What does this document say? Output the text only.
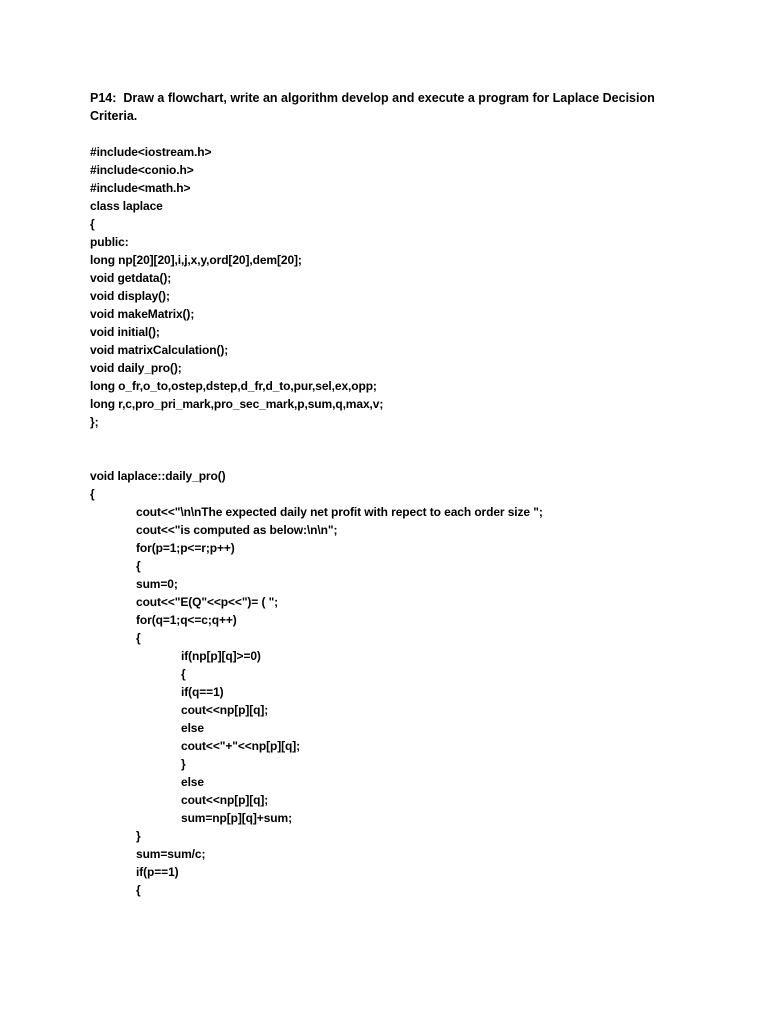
P14:  Draw a flowchart, write an algorithm develop and execute a program for Laplace Decision
Criteria.
#include<iostream.h>
#include<conio.h>
#include<math.h>
class laplace
{
public:
long np[20][20],i,j,x,y,ord[20],dem[20];
void getdata();
void display();
void makeMatrix();
void initial();
void matrixCalculation();
void daily_pro();
long o_fr,o_to,ostep,dstep,d_fr,d_to,pur,sel,ex,opp;
long r,c,pro_pri_mark,pro_sec_mark,p,sum,q,max,v;
};
void laplace::daily_pro()
{
cout<<"\n\nThe expected daily net profit with repect to each order size ";
cout<<"is computed as below:\n\n";
for(p=1;p<=r;p++)
{
sum=0;
cout<<"E(Q"<<p<<")= ( ";
for(q=1;q<=c;q++)
{
if(np[p][q]>=0)
{
if(q==1)
cout<<np[p][q];
else
cout<<"+"<<np[p][q];
}
else
cout<<np[p][q];
sum=np[p][q]+sum;
}
sum=sum/c;
if(p==1)
{
